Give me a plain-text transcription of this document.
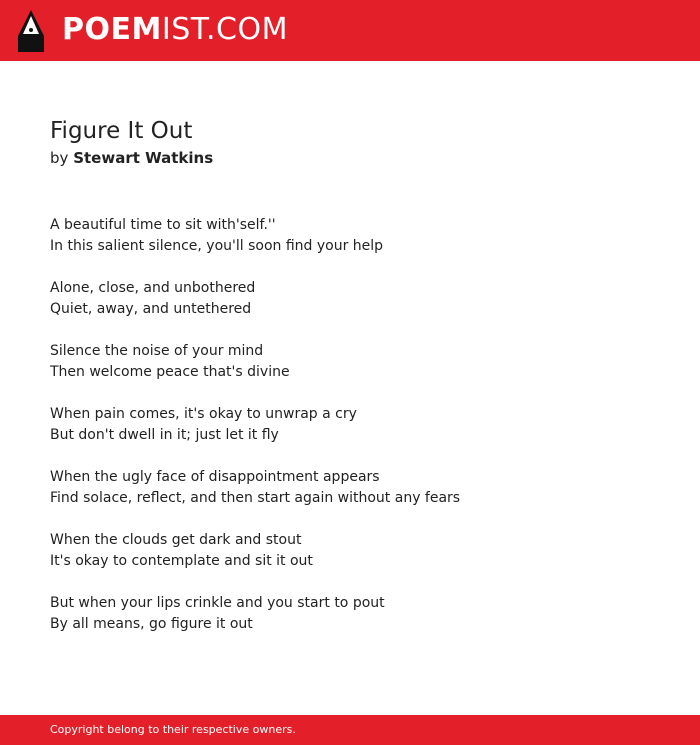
POEMIST.COM
Figure It Out

by Stewart Watkins

A beautiful time to sit with'self.''
In this salient silence, you'll soon find your help
Alone, close, and unbothered
Quiet, away, and untethered
Silence the noise of your mind
Then welcome peace that's divine
When pain comes, it's okay to unwrap a cry
But don't dwell in it; just let it fly
When the ugly face of disappointment appears
Find solace, reflect, and then start again without any fears
When the clouds get dark and stout
It's okay to contemplate and sit it out
But when your lips crinkle and you start to pout
By all means, go figure it out
Copyright belong to their respective owners.
